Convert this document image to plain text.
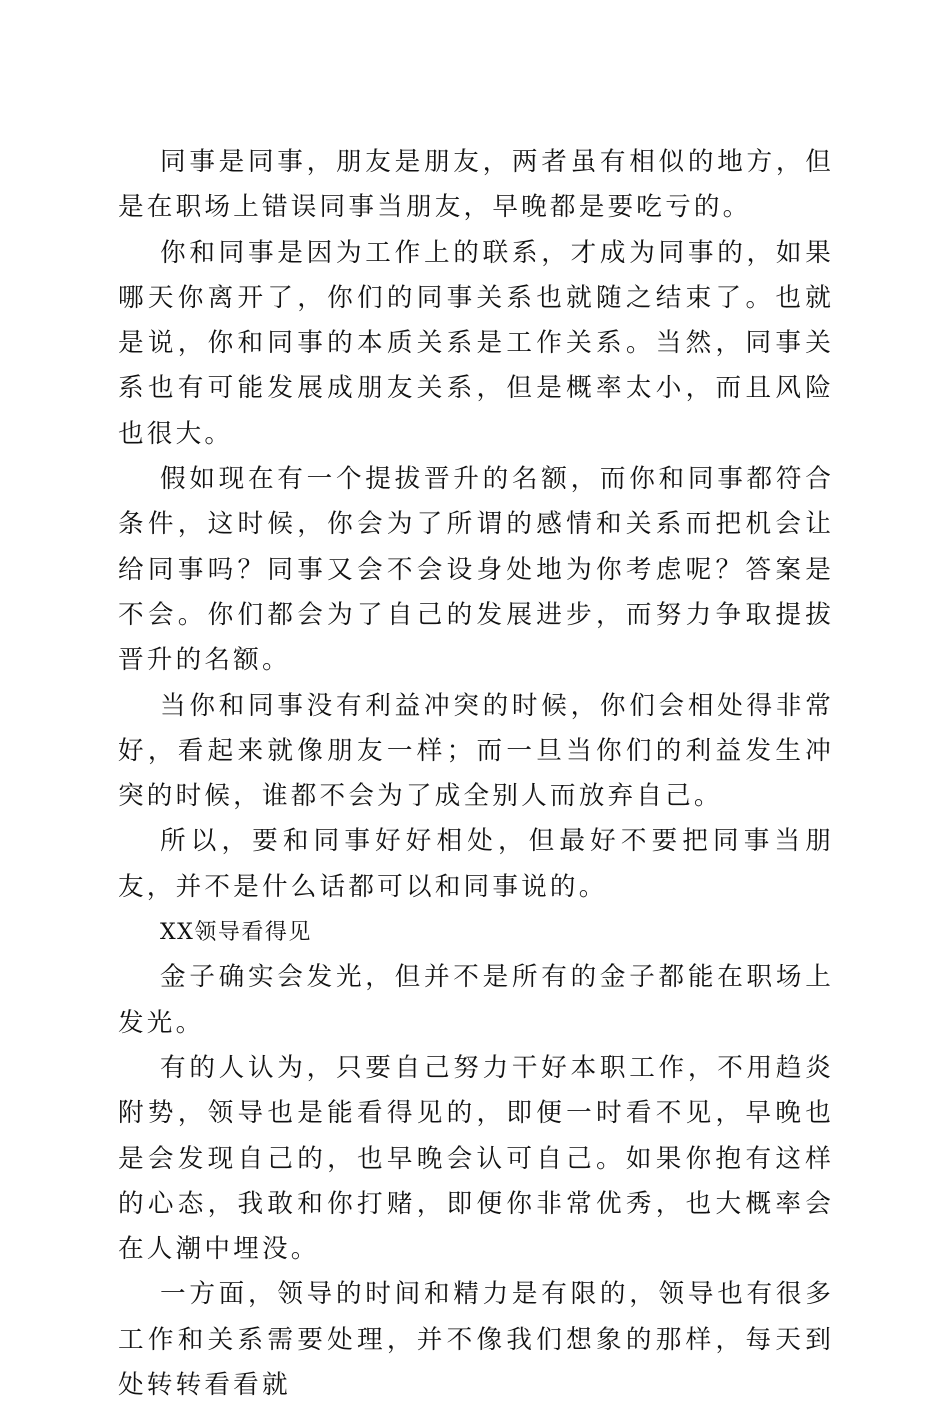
同事是同事，朋友是朋友，两者虽有相似的地方，但是在职场上错误同事当朋友，早晚都是要吃亏的。

你和同事是因为工作上的联系，才成为同事的，如果哪天你离开了，你们的同事关系也就随之结束了。也就是说，你和同事的本质关系是工作关系。当然，同事关系也有可能发展成朋友关系，但是概率太小，而且风险也很大。

假如现在有一个提拔晋升的名额，而你和同事都符合条件，这时候，你会为了所谓的感情和关系而把机会让给同事吗？同事又会不会设身处地为你考虑呢？答案是不会。你们都会为了自己的发展进步，而努力争取提拔晋升的名额。

当你和同事没有利益冲突的时候，你们会相处得非常好，看起来就像朋友一样；而一旦当你们的利益发生冲突的时候，谁都不会为了成全别人而放弃自己。

所以，要和同事好好相处，但最好不要把同事当朋友，并不是什么话都可以和同事说的。

XX领导看得见

金子确实会发光，但并不是所有的金子都能在职场上发光。

有的人认为，只要自己努力干好本职工作，不用趋炎附势，领导也是能看得见的，即便一时看不见，早晚也是会发现自己的，也早晚会认可自己。如果你抱有这样的心态，我敢和你打赌，即便你非常优秀，也大概率会在人潮中埋没。

一方面，领导的时间和精力是有限的，领导也有很多工作和关系需要处理，并不像我们想象的那样，每天到处转转看看就
